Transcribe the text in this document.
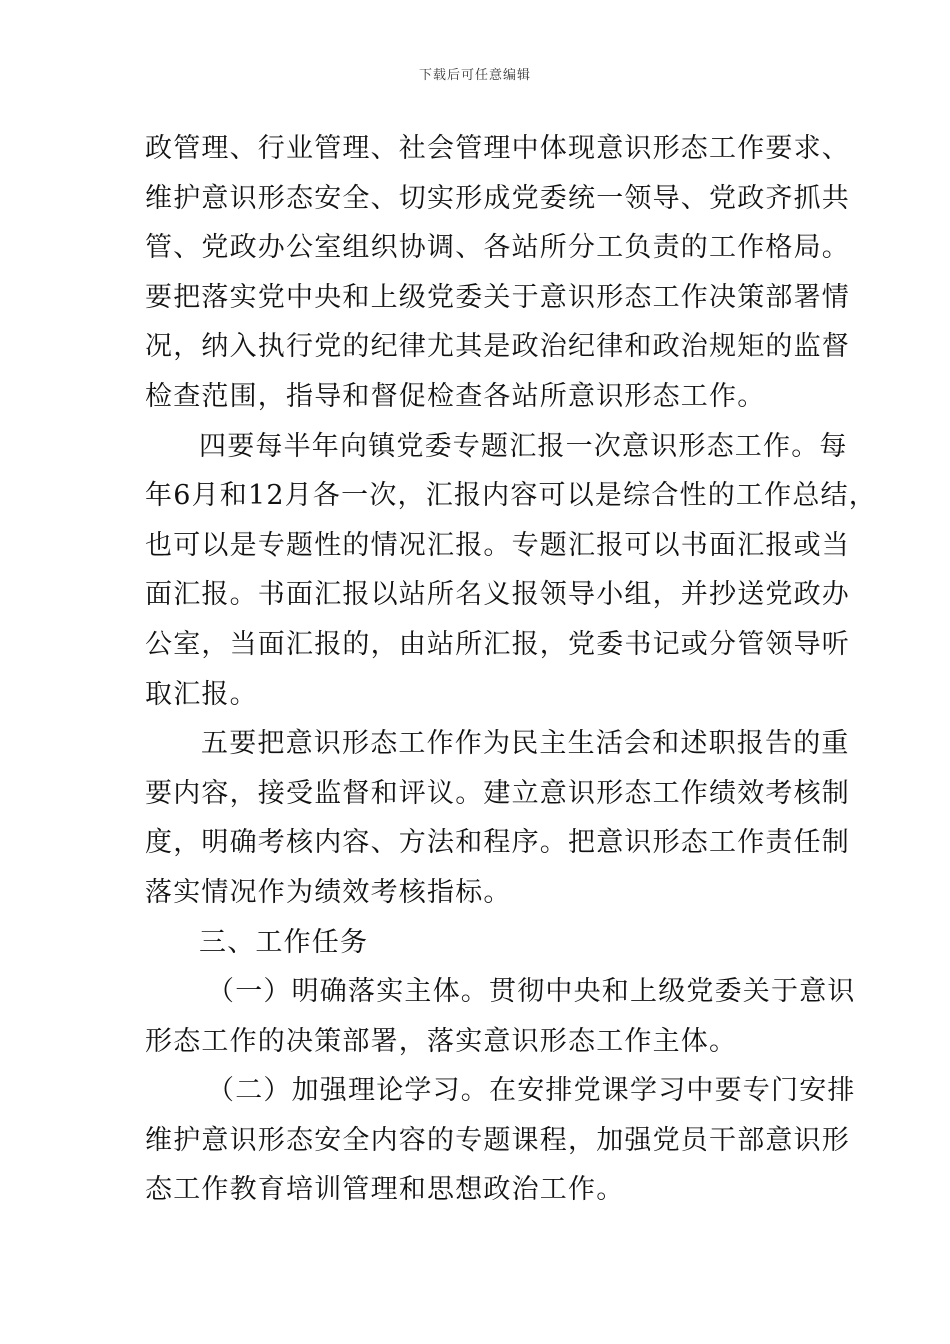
下载后可任意编辑
政管理、行业管理、社会管理中体现意识形态工作要求、
维护意识形态安全、切实形成党委统一领导、党政齐抓共
管、党政办公室组织协调、各站所分工负责的工作格局。
要把落实党中央和上级党委关于意识形态工作决策部署情
况，纳入执行党的纪律尤其是政治纪律和政治规矩的监督
检查范围，指导和督促检查各站所意识形态工作。
四要每半年向镇党委专题汇报一次意识形态工作。每
年6月和12月各一次，汇报内容可以是综合性的工作总结，
也可以是专题性的情况汇报。专题汇报可以书面汇报或当
面汇报。书面汇报以站所名义报领导小组，并抄送党政办
公室，当面汇报的，由站所汇报，党委书记或分管领导听
取汇报。
五要把意识形态工作作为民主生活会和述职报告的重
要内容，接受监督和评议。建立意识形态工作绩效考核制
度，明确考核内容、方法和程序。把意识形态工作责任制
落实情况作为绩效考核指标。
三、工作任务
（一）明确落实主体。贯彻中央和上级党委关于意识
形态工作的决策部署，落实意识形态工作主体。
（二）加强理论学习。在安排党课学习中要专门安排
维护意识形态安全内容的专题课程，加强党员干部意识形
态工作教育培训管理和思想政治工作。
